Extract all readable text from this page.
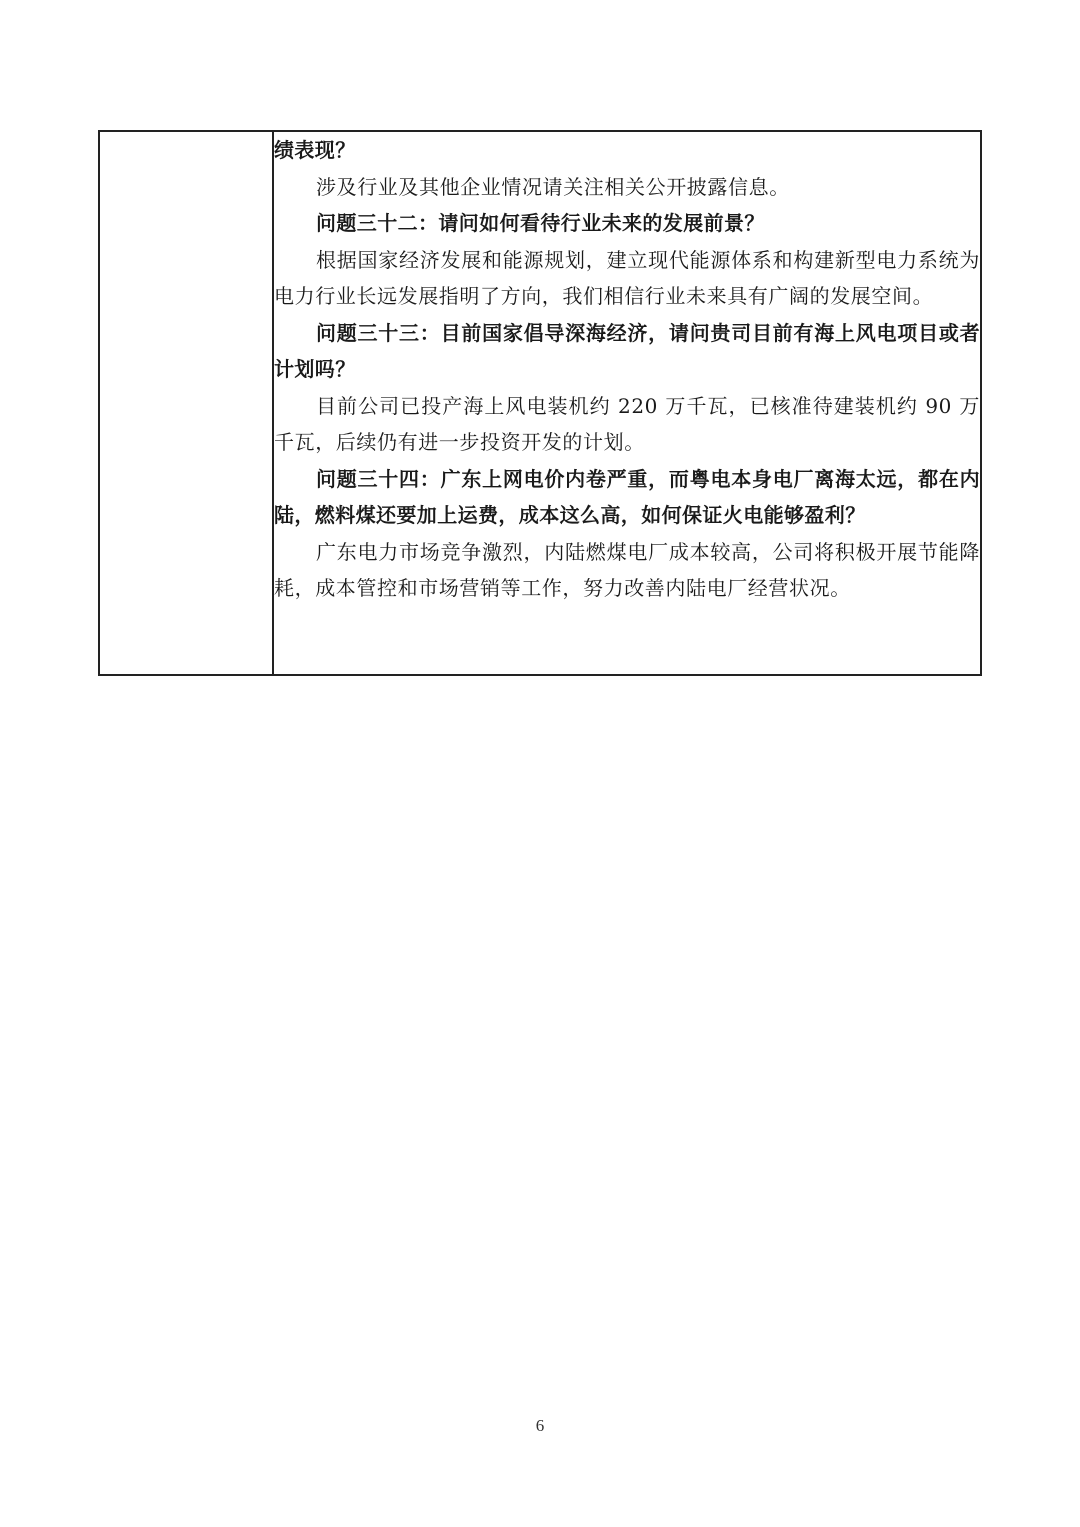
绩表现？

涉及行业及其他企业情况请关注相关公开披露信息。

问题三十二：请问如何看待行业未来的发展前景？

根据国家经济发展和能源规划，建立现代能源体系和构建新型电力系统为电力行业长远发展指明了方向，我们相信行业未来具有广阔的发展空间。

问题三十三：目前国家倡导深海经济，请问贵司目前有海上风电项目或者计划吗？

目前公司已投产海上风电装机约 220 万千瓦，已核准待建装机约 90 万千瓦，后续仍有进一步投资开发的计划。

问题三十四：广东上网电价内卷严重，而粤电本身电厂离海太远，都在内陆，燃料煤还要加上运费，成本这么高，如何保证火电能够盈利？

广东电力市场竞争激烈，内陆燃煤电厂成本较高，公司将积极开展节能降耗，成本管控和市场营销等工作，努力改善内陆电厂经营状况。

6
